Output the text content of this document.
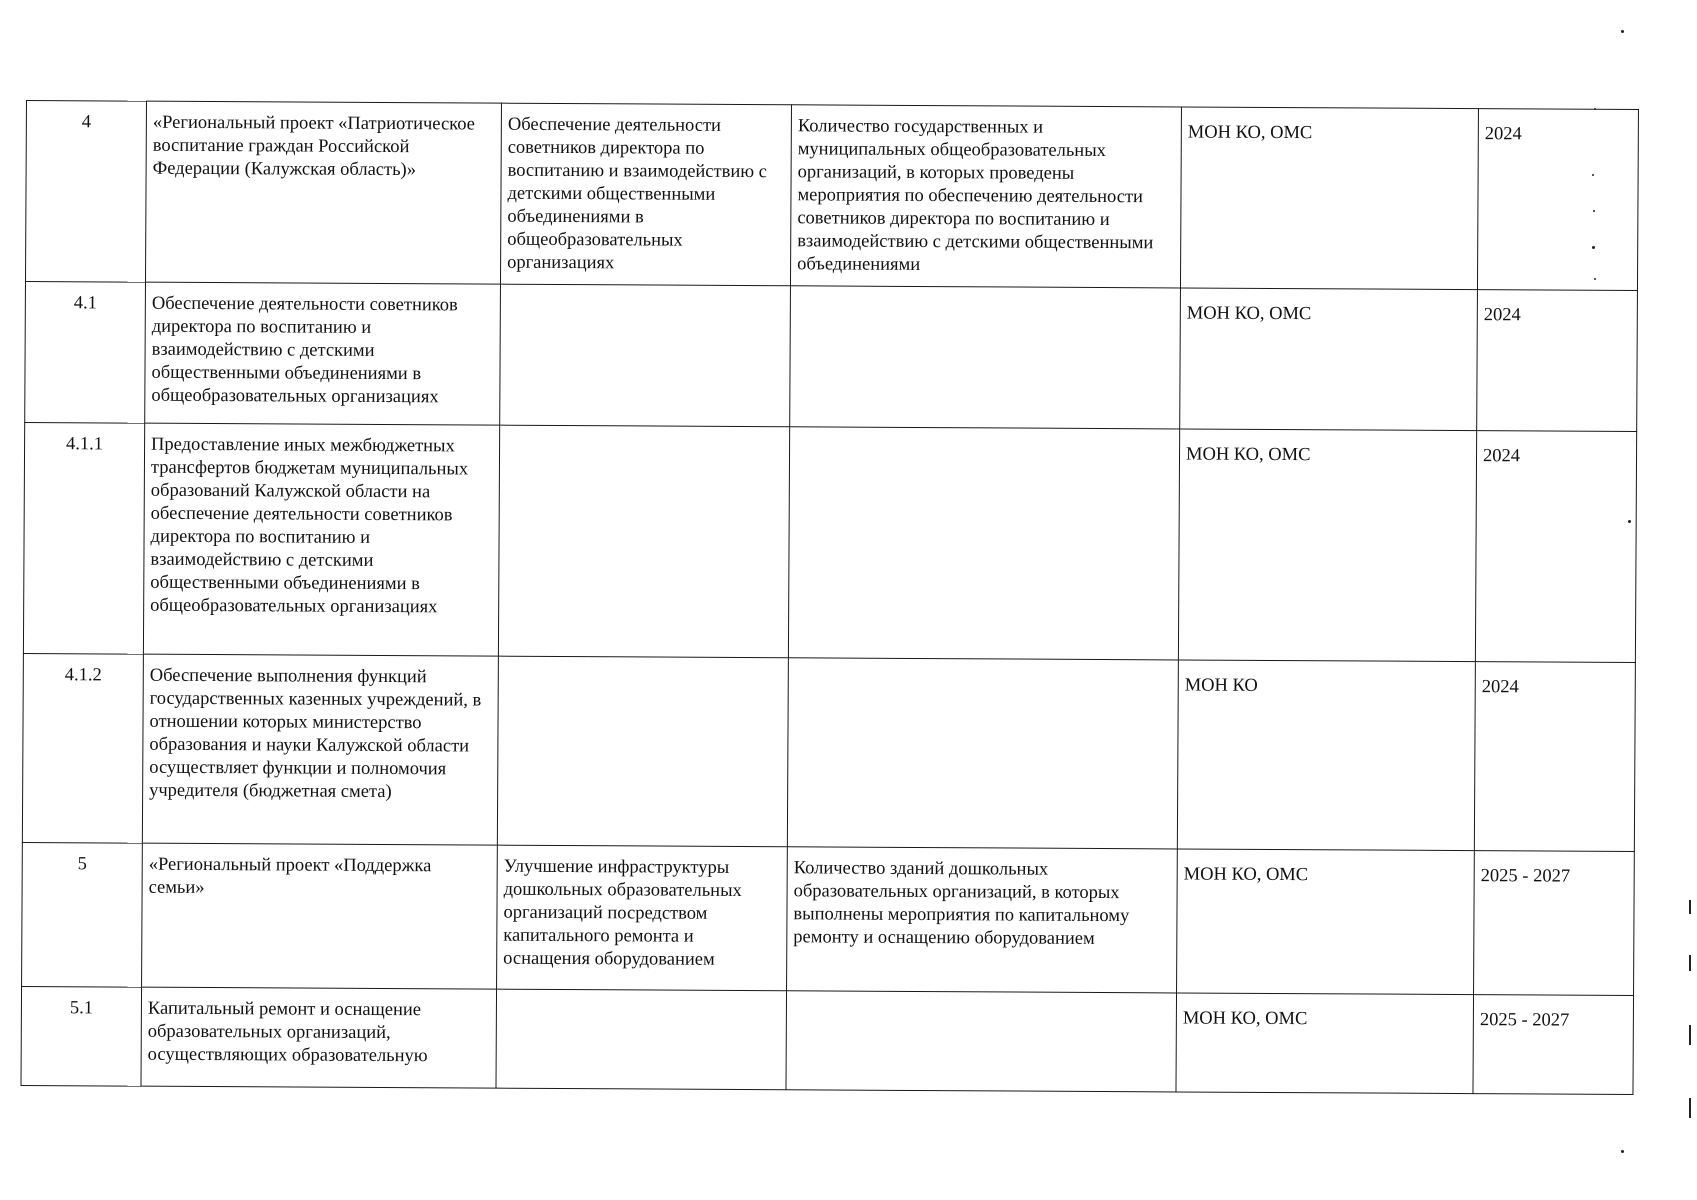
4	«Региональный проект «Патриотическое воспитание граждан Российской Федерации (Калужская область)»	Обеспечение деятельности советников директора по воспитанию и взаимодействию с детскими общественными объединениями в общеобразовательных организациях	Количество государственных и муниципальных общеобразовательных организаций, в которых проведены мероприятия по обеспечению деятельности советников директора по воспитанию и взаимодействию с детскими общественными объединениями	МОН КО, ОМС	2024
4.1	Обеспечение деятельности советников директора по воспитанию и взаимодействию с детскими общественными объединениями в общеобразовательных организациях			МОН КО, ОМС	2024
4.1.1	Предоставление иных межбюджетных трансфертов бюджетам муниципальных образований Калужской области на обеспечение деятельности советников директора по воспитанию и взаимодействию с детскими общественными объединениями в общеобразовательных организациях			МОН КО, ОМС	2024
4.1.2	Обеспечение выполнения функций государственных казенных учреждений, в отношении которых министерство образования и науки Калужской области осуществляет функции и полномочия учредителя (бюджетная смета)			МОН КО	2024
5	«Региональный проект «Поддержка семьи»	Улучшение инфраструктуры дошкольных образовательных организаций посредством капитального ремонта и оснащения оборудованием	Количество зданий дошкольных образовательных организаций, в которых выполнены мероприятия по капитальному ремонту и оснащению оборудованием	МОН КО, ОМС	2025 - 2027
5.1	Капитальный ремонт и оснащение образовательных организаций, осуществляющих образовательную			МОН КО, ОМС	2025 - 2027
